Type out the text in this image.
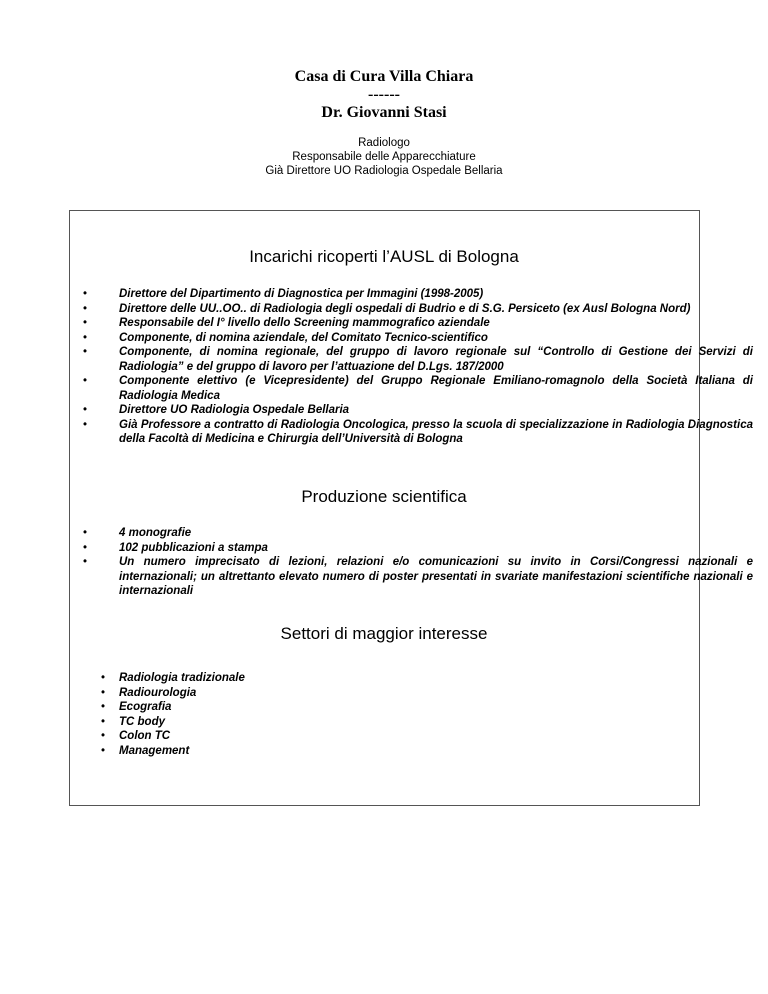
Casa di Cura Villa Chiara
------
Dr. Giovanni Stasi
Radiologo
Responsabile delle Apparecchiature
Già Direttore UO Radiologia Ospedale Bellaria
Incarichi ricoperti l’AUSL di Bologna
• Direttore del Dipartimento di Diagnostica per Immagini (1998-2005)
• Direttore delle UU..OO.. di Radiologia degli ospedali di Budrio e di S.G. Persiceto (ex Ausl Bologna Nord)
• Responsabile del I° livello dello Screening mammografico aziendale
• Componente, di nomina aziendale, del Comitato Tecnico-scientifico
• Componente, di nomina regionale, del gruppo di lavoro regionale sul “Controllo di Gestione dei Servizi di Radiologia” e del gruppo di lavoro per l’attuazione del D.Lgs. 187/2000
• Componente elettivo (e Vicepresidente) del Gruppo Regionale Emiliano-romagnolo della Società Italiana di Radiologia Medica
• Direttore UO Radiologia Ospedale Bellaria
• Già Professore a contratto di Radiologia Oncologica, presso la scuola di specializzazione in Radiologia Diagnostica della Facoltà di Medicina e Chirurgia dell’Università di Bologna
Produzione scientifica
• 4 monografie
• 102 pubblicazioni a stampa
• Un numero imprecisato di lezioni, relazioni e/o comunicazioni su invito in Corsi/Congressi nazionali e internazionali; un altrettanto elevato numero di poster presentati in svariate manifestazioni scientifiche nazionali e internazionali
Settori di maggior interesse
• Radiologia tradizionale
• Radiourologia
• Ecografia
• TC body
• Colon TC
• Management
